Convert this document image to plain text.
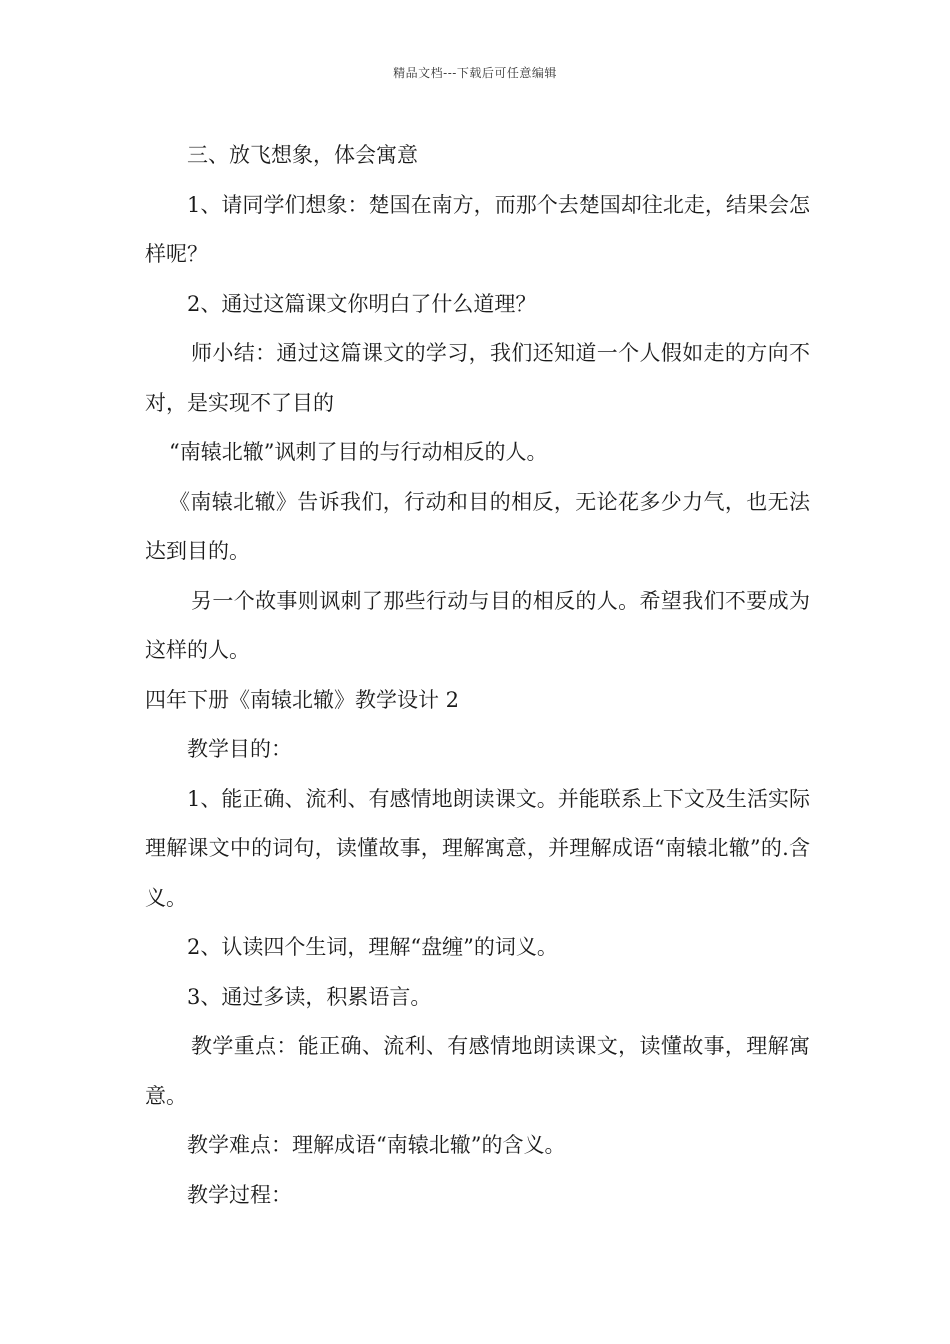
精品文档---下载后可任意编辑

三、放飞想象，体会寓意

1、请同学们想象：楚国在南方，而那个去楚国却往北走，结果会怎样呢？

2、通过这篇课文你明白了什么道理？

师小结：通过这篇课文的学习，我们还知道一个人假如走的方向不对，是实现不了目的

“南辕北辙”讽刺了目的与行动相反的人。

《南辕北辙》告诉我们，行动和目的相反，无论花多少力气，也无法达到目的。

另一个故事则讽刺了那些行动与目的相反的人。希望我们不要成为这样的人。

四年下册《南辕北辙》教学设计 2

教学目的：

1、能正确、流利、有感情地朗读课文。并能联系上下文及生活实际理解课文中的词句，读懂故事，理解寓意，并理解成语“南辕北辙”的.含义。

2、认读四个生词，理解“盘缠”的词义。

3、通过多读，积累语言。

教学重点：能正确、流利、有感情地朗读课文，读懂故事，理解寓意。

教学难点：理解成语“南辕北辙”的含义。

教学过程：
